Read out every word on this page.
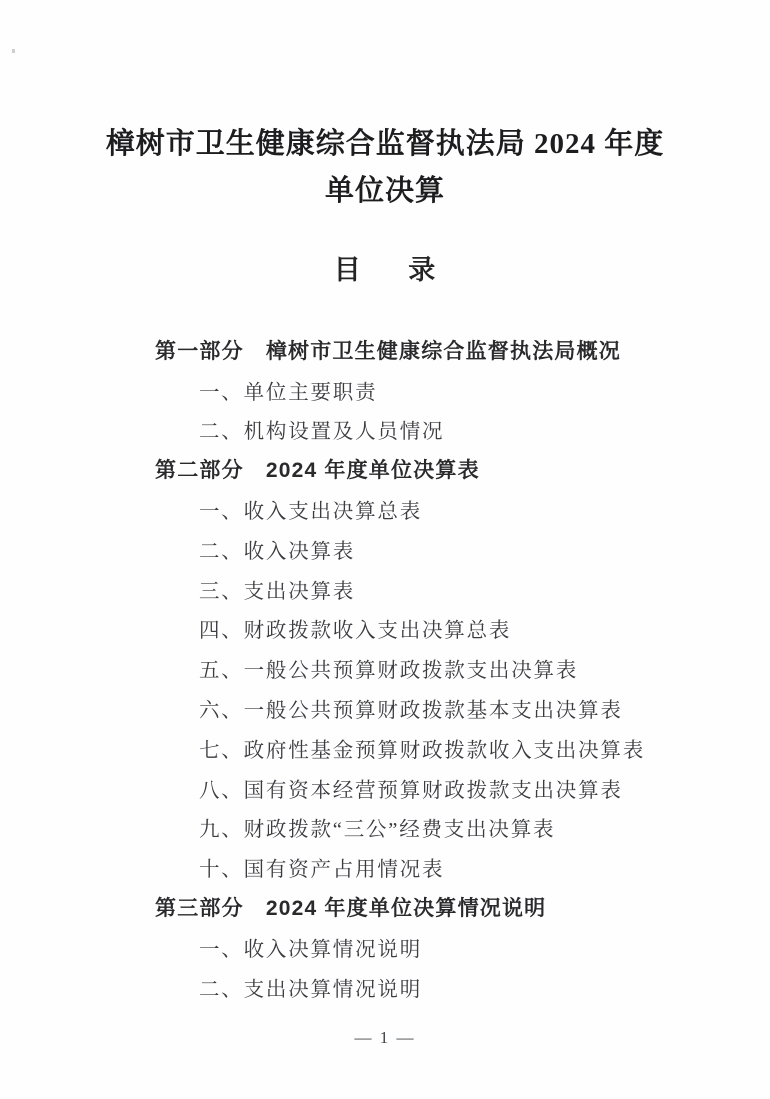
樟树市卫生健康综合监督执法局 2024 年度
单位决算
目      录
第一部分 樟树市卫生健康综合监督执法局概况
一、单位主要职责
二、机构设置及人员情况
第二部分 2024 年度单位决算表
一、收入支出决算总表
二、收入决算表
三、支出决算表
四、财政拨款收入支出决算总表
五、一般公共预算财政拨款支出决算表
六、一般公共预算财政拨款基本支出决算表
七、政府性基金预算财政拨款收入支出决算表
八、国有资本经营预算财政拨款支出决算表
九、财政拨款“三公”经费支出决算表
十、国有资产占用情况表
第三部分 2024 年度单位决算情况说明
一、收入决算情况说明
二、支出决算情况说明
— 1 —
